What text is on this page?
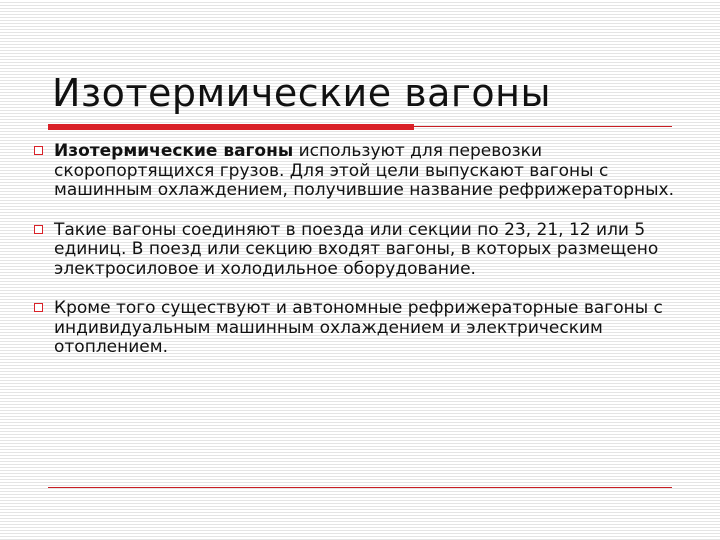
Изотермические вагоны

Изотермические вагоны используют для перевозки скоропортящихся грузов. Для этой цели выпускают вагоны с машинным охлаждением, получившие название рефрижераторных.

Такие вагоны соединяют в поезда или секции по 23, 21, 12 или 5 единиц. В поезд или секцию входят вагоны, в которых размещено электросиловое и холодильное оборудование.

Кроме того существуют и автономные рефрижераторные вагоны с индивидуальным машинным охлаждением и электрическим отоплением.
